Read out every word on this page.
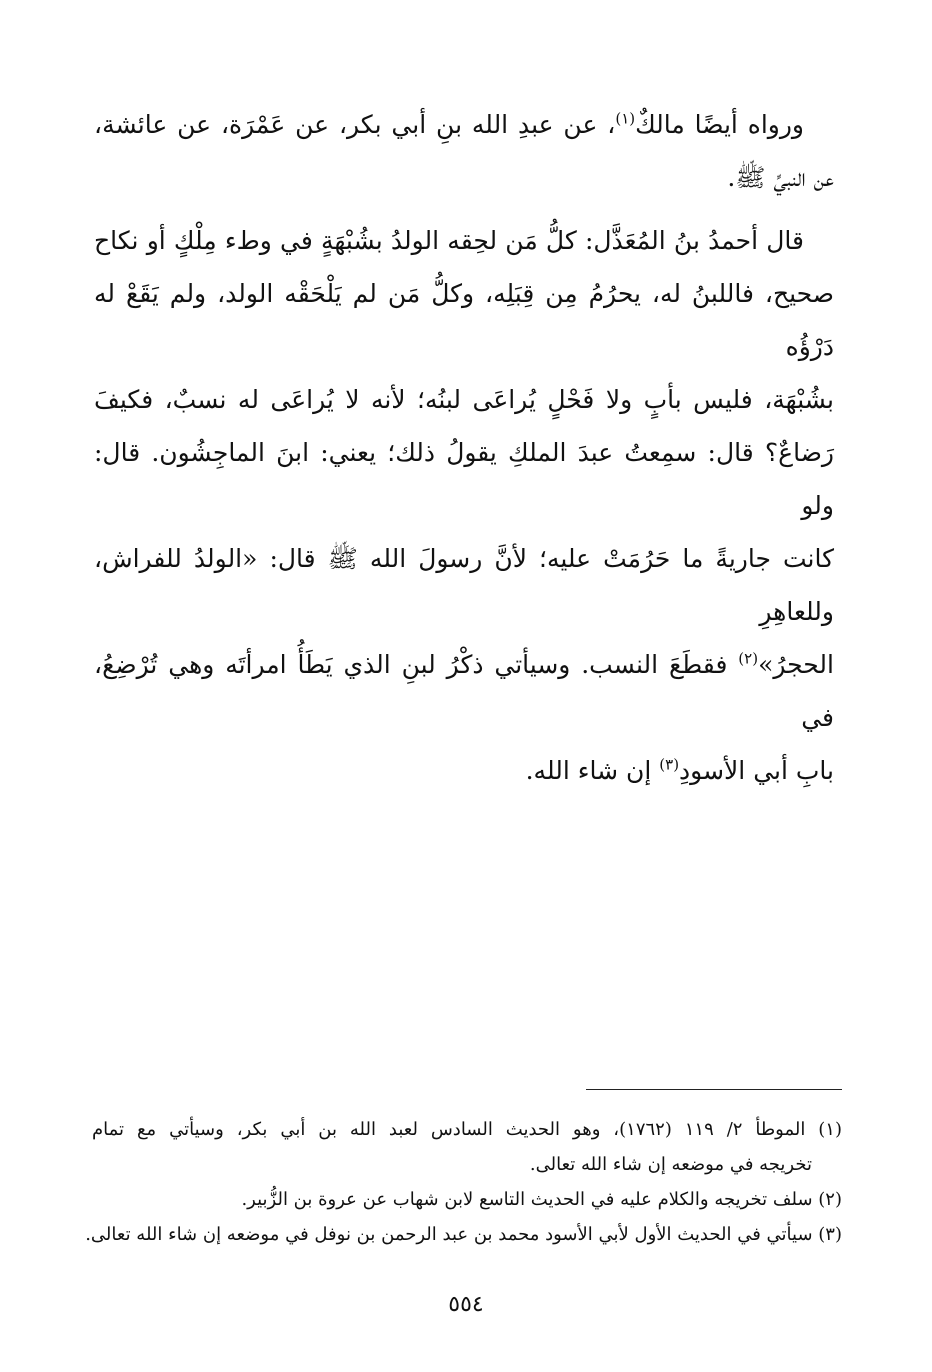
ورواه أيضًا مالكٌ$^{(١)}$، عن عبدِ الله بنِ أبي بكر، عن عَمْرَة، عن عائشة،
عن النبيِّ ﷺ.

قال أحمدُ بنُ المُعَذَّل: كلُّ مَن لحِقه الولدُ بشُبْهَةٍ في وطء مِلْكٍ أو نكاح
صحيح، فاللبنُ له، يحرُمُ مِن قِبَلِه، وكلُّ مَن لم يَلْحَقْه الولد، ولم يَقَعْ له دَرْؤُه
بشُبْهَة، فليس بأبٍ ولا فَحْلٍ يُراعَى لبنُه؛ لأنه لا يُراعَى له نسبٌ، فكيفَ
رَضاعٌ؟ قال: سمِعتُ عبدَ الملكِ يقولُ ذلك؛ يعني: ابنَ الماجِشُون. قال: ولو
كانت جاريةً ما حَرُمَتْ عليه؛ لأنَّ رسولَ الله ﷺ قال: «الولدُ للفراش، وللعاهِرِ
الحجرُ»$^{(٢)}$ فقطَعَ النسب. وسيأتي ذكْرُ لبنِ الذي يَطَأُ امرأتَه وهي تُرْضِعُ، في
بابِ أبي الأسودِ$^{(٣)}$ إن شاء الله.

(١) الموطأ ٢/ ١١٩ (١٧٦٢)، وهو الحديث السادس لعبد الله بن أبي بكر، وسيأتي مع تمام
تخريجه في موضعه إن شاء الله تعالى.
(٢) سلف تخريجه والكلام عليه في الحديث التاسع لابن شهاب عن عروة بن الزُّبير.
(٣) سيأتي في الحديث الأول لأبي الأسود محمد بن عبد الرحمن بن نوفل في موضعه إن شاء الله تعالى.
٥٥٤
